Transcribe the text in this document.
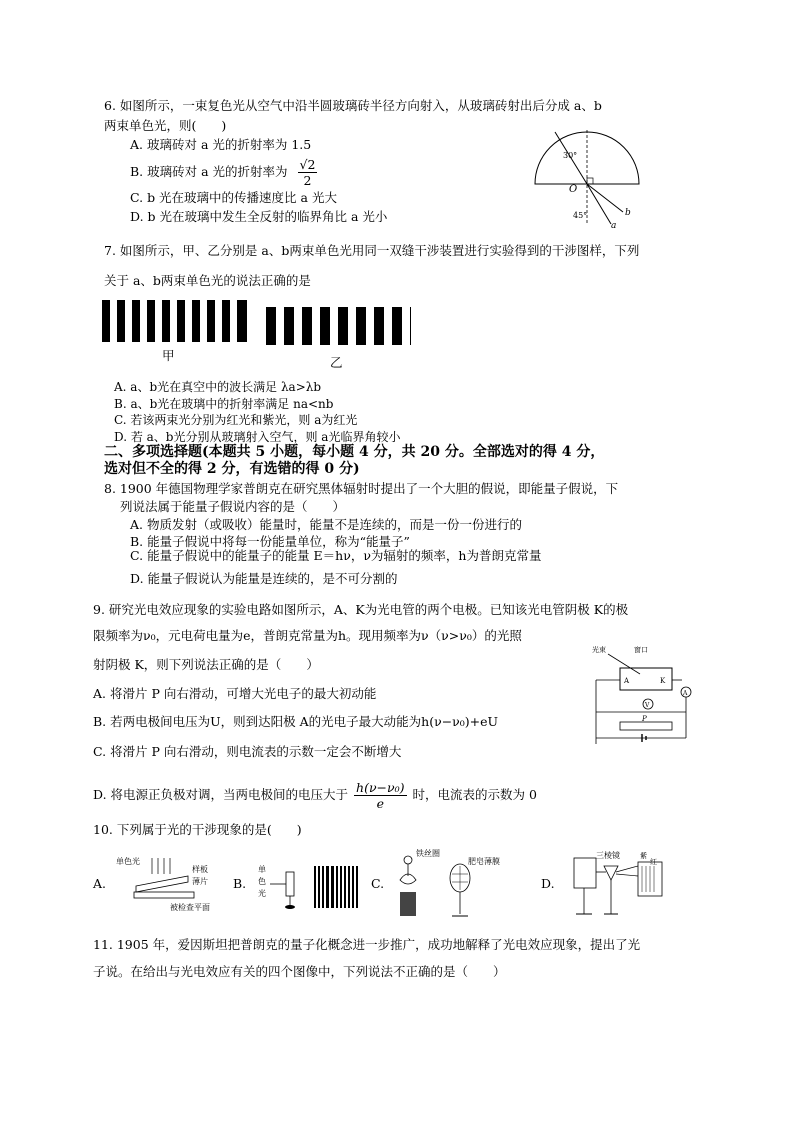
6. 如图所示，一束复色光从空气中沿半圆玻璃砖半径方向射入，从玻璃砖射出后分成 a、b
两束单色光，则(　　)
A. 玻璃砖对 a 光的折射率为 1.5
B. 玻璃砖对 a 光的折射率为 $\frac{√2}{2}$
C. b 光在玻璃中的传播速度比 a 光大
D. b 光在玻璃中发生全反射的临界角比 a 光小
30°
O
45°	b
a
7. 如图所示，甲、乙分别是 a、b两束单色光用同一双缝干涉装置进行实验得到的干涉图样，下列
关于 a、b两束单色光的说法正确的是
甲	乙
A. a、b光在真空中的波长满足 λa>λb
B. a、b光在玻璃中的折射率满足 na<nb
C. 若该两束光分别为红光和紫光，则 a为红光
D. 若 a、b光分别从玻璃射入空气，则 a光临界角较小
二、多项选择题(本题共 5 小题，每小题 4 分，共 20 分。全部选对的得 4 分，
选对但不全的得 2 分，有选错的得 0 分)
8. 1900 年德国物理学家普朗克在研究黑体辐射时提出了一个大胆的假说，即能量子假说，下
列说法属于能量子假说内容的是（　　）
A. 物质发射（或吸收）能量时，能量不是连续的，而是一份一份进行的
B. 能量子假说中将每一份能量单位，称为“能量子”
C. 能量子假说中的能量子的能量 E＝hν，ν为辐射的频率，h为普朗克常量
D. 能量子假说认为能量是连续的，是不可分割的
9. 研究光电效应现象的实验电路如图所示，A、K为光电管的两个电极。已知该光电管阴极 K的极
限频率为ν₀，元电荷电量为e，普朗克常量为h。现用频率为ν（ν>ν₀）的光照
射阴极 K，则下列说法正确的是（　　）
A. 将滑片 P 向右滑动，可增大光电子的最大初动能
B. 若两电极间电压为U，则到达阳极 A的光电子最大动能为h(ν−ν₀)+eU
C. 将滑片 P 向右滑动，则电流表的示数一定会不断增大
D. 将电源正负极对调，当两电极间的电压大于 $\frac{\text{h(ν−ν₀)}}{e}$ 时，电流表的示数为 0
光束	窗口
A	K
A
V
P
10. 下列属于光的干涉现象的是(　　)
A.	B.	C.	D.
单色光
样板
薄片
被检查平面
单
色
光
铁丝圈
肥皂薄膜
三棱镜	紫
红
11. 1905 年，爱因斯坦把普朗克的量子化概念进一步推广，成功地解释了光电效应现象，提出了光
子说。在给出与光电效应有关的四个图像中，下列说法不正确的是（　　）
